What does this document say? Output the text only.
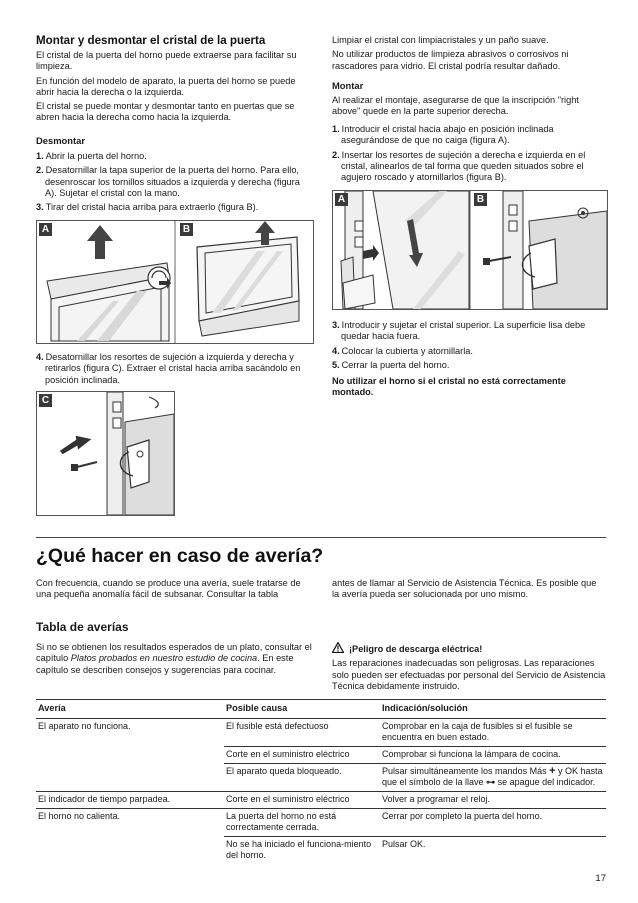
Montar y desmontar el cristal de la puerta

El cristal de la puerta del horno puede extraerse para facilitar su limpieza.

En función del modelo de aparato, la puerta del horno se puede abrir hacia la derecha o la izquierda.

El cristal se puede montar y desmontar tanto en puertas que se abren hacia la derecha como hacia la izquierda.

Desmontar

1. Abrir la puerta del horno.

2. Desatornillar la tapa superior de la puerta del horno. Para ello, desenroscar los tornillos situados a izquierda y derecha (figura A). Sujetar el cristal con la mano.

3. Tirar del cristal hacia arriba para extraerlo (figura B).

A	B

4. Desatornillar los resortes de sujeción a izquierda y derecha y retirarlos (figura C). Extraer el cristal hacia arriba sacándolo en posición inclinada.

C

Limpiar el cristal con limpiacristales y un paño suave.

No utilizar productos de limpieza abrasivos o corrosivos ni rascadores para vidrio. El cristal podría resultar dañado.

Montar

Al realizar el montaje, asegurarse de que la inscripción "right above" quede en la parte superior derecha.

1. Introducir el cristal hacia abajo en posición inclinada asegurándose de que no caiga (figura A).

2. Insertar los resortes de sujeción a derecha e izquierda en el cristal, alinearlos de tal forma que queden situados sobre el agujero roscado y atornillarlos (figura B).

A	B

3. Introducir y sujetar el cristal superior. La superficie lisa debe quedar hacia fuera.

4. Colocar la cubierta y atornillarla.

5. Cerrar la puerta del horno.

No utilizar el horno si el cristal no está correctamente montado.

¿Qué hacer en caso de avería?

Con frecuencia, cuando se produce una avería, suele tratarse de una pequeña anomalía fácil de subsanar. Consultar la tabla

antes de llamar al Servicio de Asistencia Técnica. Es posible que la avería pueda ser solucionada por uno mismo.

Tabla de averías

Si no se obtienen los resultados esperados de un plato, consultar el capítulo Platos probados en nuestro estudio de cocina. En este capítulo se describen consejos y sugerencias para cocinar.

¡Peligro de descarga eléctrica!

Las reparaciones inadecuadas son peligrosas. Las reparaciones solo pueden ser efectuadas por personal del Servicio de Asistencia Técnica debidamente instruido.

Avería	Posible causa	Indicación/solución
El aparato no funciona.	El fusible está defectuoso	Comprobar en la caja de fusibles si el fusible se encuentra en buen estado.
	Corte en el suministro eléctrico	Comprobar si funciona la lámpara de cocina.
	El aparato queda bloqueado.	Pulsar simultáneamente los mandos Más + y OK hasta que el símbolo de la llave ⊶ se apague del indicador.
El indicador de tiempo parpadea.	Corte en el suministro eléctrico	Volver a programar el reloj.
El horno no calienta.	La puerta del horno no está correctamente cerrada.	Cerrar por completo la puerta del horno.
	No se ha iniciado el funciona-miento del horno.	Pulsar OK.
17
